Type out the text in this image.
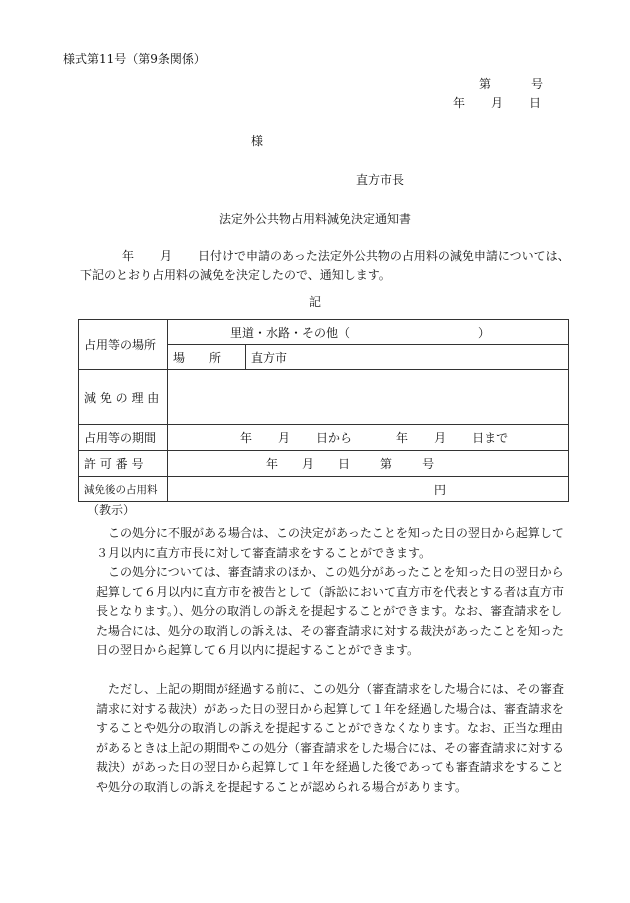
様式第11号（第9条関係）
第	号
年 月 日
様
直方市長
法定外公共物占用料減免決定通知書
年 月 日付けで申請のあった法定外公共物の占用料の減免申請については、下記のとおり占用料の減免を決定したので、通知します。
記
占用等の場所	里道・水路・その他（ ）	
	場　　所	直方市
減 免 の 理 由		
占用等の期間	年 月 日から 年 月 日まで	
許 可 番 号	年 月 日 第 号	
減免後の占用料	円	
（教示）
この処分に不服がある場合は、この決定があったことを知った日の翌日から起算して３月以内に直方市長に対して審査請求をすることができます。
この処分については、審査請求のほか、この処分があったことを知った日の翌日から起算して６月以内に直方市を被告として（訴訟において直方市を代表とする者は直方市長となります。）、処分の取消しの訴えを提起することができます。なお、審査請求をした場合には、処分の取消しの訴えは、その審査請求に対する裁決があったことを知った日の翌日から起算して６月以内に提起することができます。
ただし、上記の期間が経過する前に、この処分（審査請求をした場合には、その審査請求に対する裁決）があった日の翌日から起算して１年を経過した場合は、審査請求をすることや処分の取消しの訴えを提起することができなくなります。なお、正当な理由があるときは上記の期間やこの処分（審査請求をした場合には、その審査請求に対する裁決）があった日の翌日から起算して１年を経過した後であっても審査請求をすることや処分の取消しの訴えを提起することが認められる場合があります。
